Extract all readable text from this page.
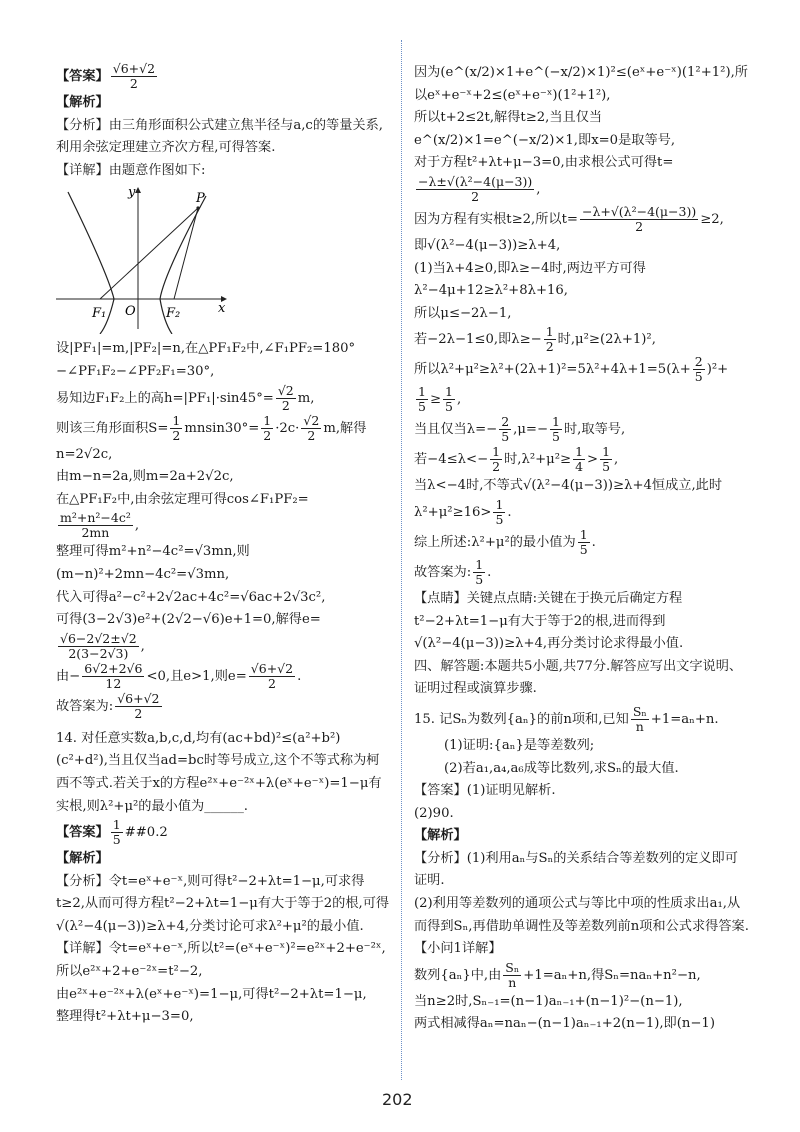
【答案】 $\frac{√6+√2}{2}$
【解析】
【分析】由三角形面积公式建立焦半径与a,c的等量关系,利用余弦定理建立齐次方程,可得答案.
【详解】由题意作图如下:
y	P
F₁ O F₂	x
设|PF₁|=m,|PF₂|=n,在△PF₁F₂中,∠F₁PF₂=180°−∠PF₁F₂−∠PF₂F₁=30°,
易知边F₁F₂上的高$h=|PF_1|\cdot\sin 45^\circ= \frac{√2}{2} m$,
则该三角形面积$S= \frac{1}{2} mnsin30^\circ= \frac{1}{2} \cdot 2c\cdot \frac{√2}{2} m$,解得
n=2√2c,
由m−n=2a,则m=2a+2√2c,
在△PF₁F₂中,由余弦定理可得cos∠F₁PF₂=
$\frac{\text{m²+n²−4c²}}{2mn}$ ,
整理可得m²+n²−4c²=√3mn,则(m−n)²+2mn−4c²=√3mn,
代入可得a²−c²+2√2ac+4c²=√6ac+2√3c²,
可得(3−2√3)e²+(2√2−√6)e+1=0,解得e=
$\frac{√6-2√2\pm√2}{2(3-2√3)}$ ,
由− $\frac{6√2+2√6}{12} <0$,且e>1,则$e= \frac{√6+√2}{2}$ .
故答案为: $\frac{√6+√2}{2}$
14. 对任意实数a,b,c,d,均有(ac+bd)²≤(a²+b²)(c²+d²),当且仅当ad=bc时等号成立,这个不等式称为柯西不等式.若关于x的方程e²ˣ+e⁻²ˣ+λ(eˣ+e⁻ˣ)=1−μ有实根,则λ²+μ²的最小值为______.
【答案】 $\frac{1}{5}$ ##0.2
【解析】
【分析】令t=eˣ+e⁻ˣ,则可得t²−2+λt=1−μ,可求得t≥2,从而可得方程t²−2+λt=1−μ有大于等于2的根,可得√(λ²−4(μ−3))≥λ+4,分类讨论可求λ²+μ²的最小值.
【详解】令t=eˣ+e⁻ˣ,所以t²=(eˣ+e⁻ˣ)²=e²ˣ+2+e⁻²ˣ,所以e²ˣ+2+e⁻²ˣ=t²−2,
由e²ˣ+e⁻²ˣ+λ(eˣ+e⁻ˣ)=1−μ,可得t²−2+λt=1−μ,
整理得t²+λt+μ−3=0,
因为(e^(x/2)×1+e^(−x/2)×1)²≤(eˣ+e⁻ˣ)(1²+1²),所以eˣ+e⁻ˣ+2≤(eˣ+e⁻ˣ)(1²+1²),
所以t+2≤2t,解得t≥2,当且仅当e^(x/2)×1=e^(−x/2)×1,即x=0是取等号,
对于方程t²+λt+μ−3=0,由求根公式可得t=
$\frac{\text{−λ±√(λ²−4(μ−3))}}{2}$ ,
因为方程有实根t≥2,所以$t= \frac{\text{−λ+√(λ²−4(μ−3))}}{2} \ge 2$,
即√(λ²−4(μ−3))≥λ+4,
(1)当λ+4≥0,即λ≥−4时,两边平方可得λ²−4μ+12≥λ²+8λ+16,
所以μ≤−2λ−1,
若−2λ−1≤0,即$\lambda\ge- \frac{1}{2}$ 时,μ²≥(2λ+1)²,
所以$\lambda^2+\mu^2\ge\lambda^2+(2\lambda+1)^2=5\lambda^2+4\lambda+1=5(\lambda+ \frac{2}{5} )^2+$
$\frac{1}{5} \ge \frac{1}{5}$ ,
当且仅当$\lambda=- \frac{2}{5} ,\mu=- \frac{1}{5}$ 时,取等号,
若$-4\le\lambda<- \frac{1}{2}$ 时$,\lambda^2+\mu^2\ge \frac{1}{4} > \frac{1}{5}$ ,
当λ<−4时,不等式√(λ²−4(μ−3))≥λ+4恒成立,此时
$\lambda^2+\mu^2\ge 16> \frac{1}{5}$ .
综上所述:λ²+μ²的最小值为 $\frac{1}{5}$ .
故答案为: $\frac{1}{5}$ .
【点睛】关键点点睛:关键在于换元后确定方程t²−2+λt=1−μ有大于等于2的根,进而得到√(λ²−4(μ−3))≥λ+4,再分类讨论求得最小值.
四、解答题:本题共5小题,共77分.解答应写出文字说明、证明过程或演算步骤.
15. 记Sₙ为数列{aₙ}的前n项和,已知 $\frac{\text{Sₙ}}{n} +1=a_n+n$.
(1)证明:{aₙ}是等差数列;
(2)若a₁,a₄,a₆成等比数列,求Sₙ的最大值.
【答案】(1)证明见解析.
(2)90.
【解析】
【分析】(1)利用aₙ与Sₙ的关系结合等差数列的定义即可证明.
(2)利用等差数列的通项公式与等比中项的性质求出a₁,从而得到Sₙ,再借助单调性及等差数列前n项和公式求得答案.
【小问1详解】
数列{aₙ}中,由 $\frac{\text{Sₙ}}{n} +1=a_n+n$,得Sₙ=naₙ+n²−n,
当n≥2时,Sₙ₋₁=(n−1)aₙ₋₁+(n−1)²−(n−1),
两式相减得aₙ=naₙ−(n−1)aₙ₋₁+2(n−1),即(n−1)
202
